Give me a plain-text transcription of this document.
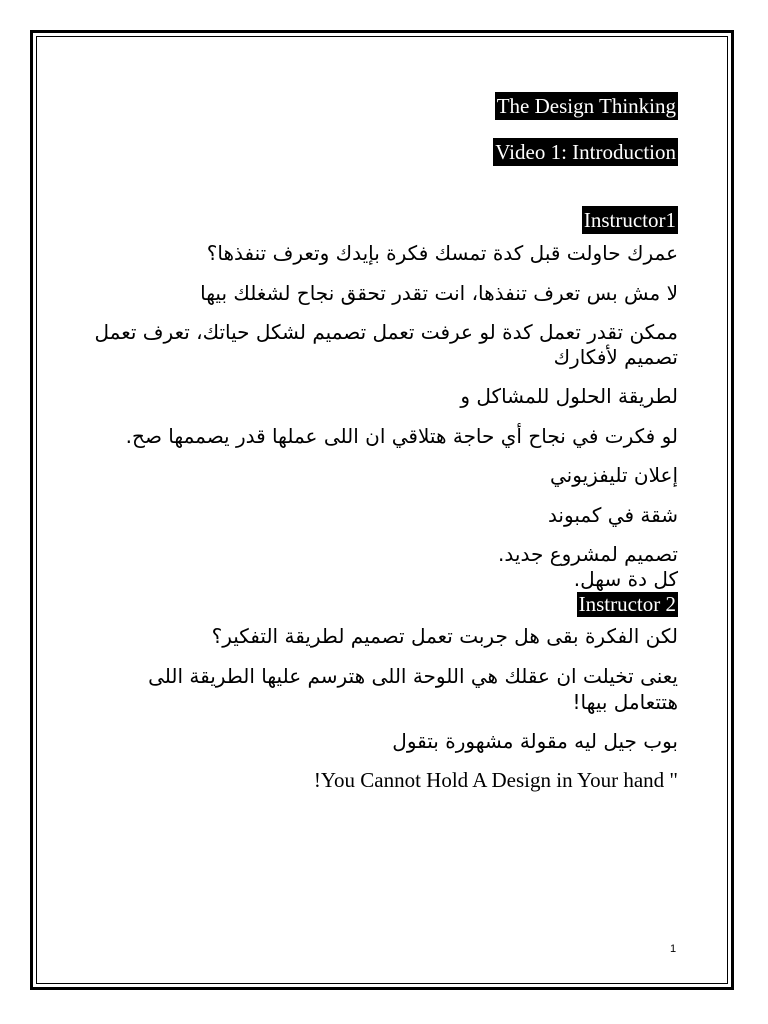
The Design Thinking
Video 1: Introduction
Instructor1

عمرك حاولت قبل كدة تمسك فكرة بإيدك وتعرف تنفذها؟

لا مش بس تعرف تنفذها، انت تقدر تحقق نجاح لشغلك بيها

ممكن تقدر تعمل كدة لو عرفت تعمل تصميم لشكل حياتك، تعرف تعمل تصميم لأفكارك

لطريقة الحلول للمشاكل و

لو فكرت في نجاح أي حاجة هتلاقي ان اللى عملها قدر يصممها صح.

إعلان تليفزيوني

شقة في كمبوند

تصميم لمشروع جديد.

كل دة سهل.

Instructor 2

لكن الفكرة بقى هل جربت تعمل تصميم لطريقة التفكير؟

يعنى تخيلت ان عقلك هي اللوحة اللى هترسم عليها الطريقة اللى هتتعامل بيها!

بوب جيل ليه مقولة مشهورة بتقول

" You Cannot Hold A Design in Your hand!

1
